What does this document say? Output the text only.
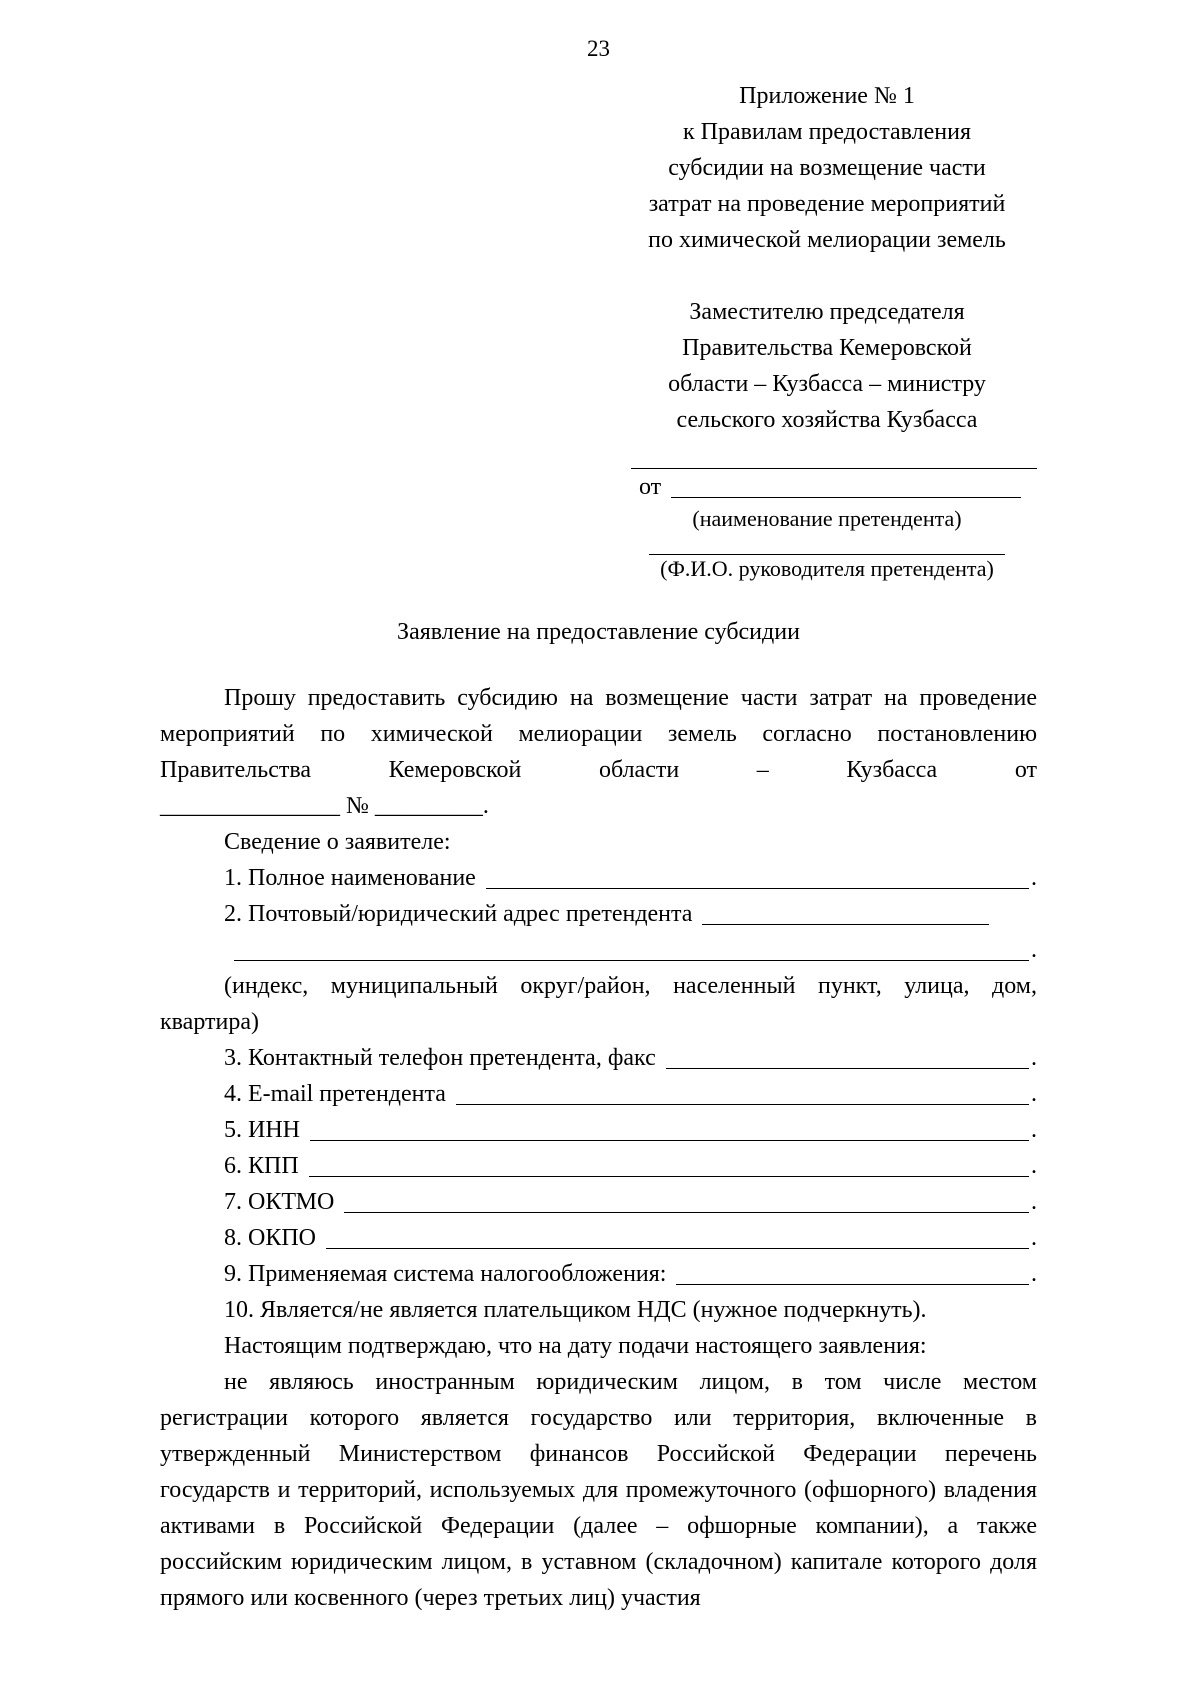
23
Приложение № 1
к Правилам предоставления
субсидии на возмещение части
затрат на проведение мероприятий
по химической мелиорации земель
Заместителю председателя
Правительства Кемеровской
области – Кузбасса – министру
сельского хозяйства Кузбасса
от
(наименование претендента)
(Ф.И.О. руководителя претендента)
Заявление на предоставление субсидии

Прошу предоставить субсидию на возмещение части затрат на проведение мероприятий по химической мелиорации земель согласно постановлению Правительства Кемеровской области – Кузбасса от

_______________ № _________.

Сведение о заявителе:

1. Полное наименование	.
2. Почтовый/юридический адрес претендента
.

(индекс, муниципальный округ/район, населенный пункт, улица, дом, квартира)

3. Контактный телефон претендента, факс	.
4. E-mail претендента	.
5. ИНН	.
6. КПП	.
7. ОКТМО	.
8. ОКПО	.
9. Применяемая система налогообложения:	.

10. Является/не является плательщиком НДС (нужное подчеркнуть).

Настоящим подтверждаю, что на дату подачи настоящего заявления:

не являюсь иностранным юридическим лицом, в том числе местом регистрации которого является государство или территория, включенные в утвержденный Министерством финансов Российской Федерации перечень государств и территорий, используемых для промежуточного (офшорного) владения активами в Российской Федерации (далее – офшорные компании), а также российским юридическим лицом, в уставном (складочном) капитале которого доля прямого или косвенного (через третьих лиц) участия
